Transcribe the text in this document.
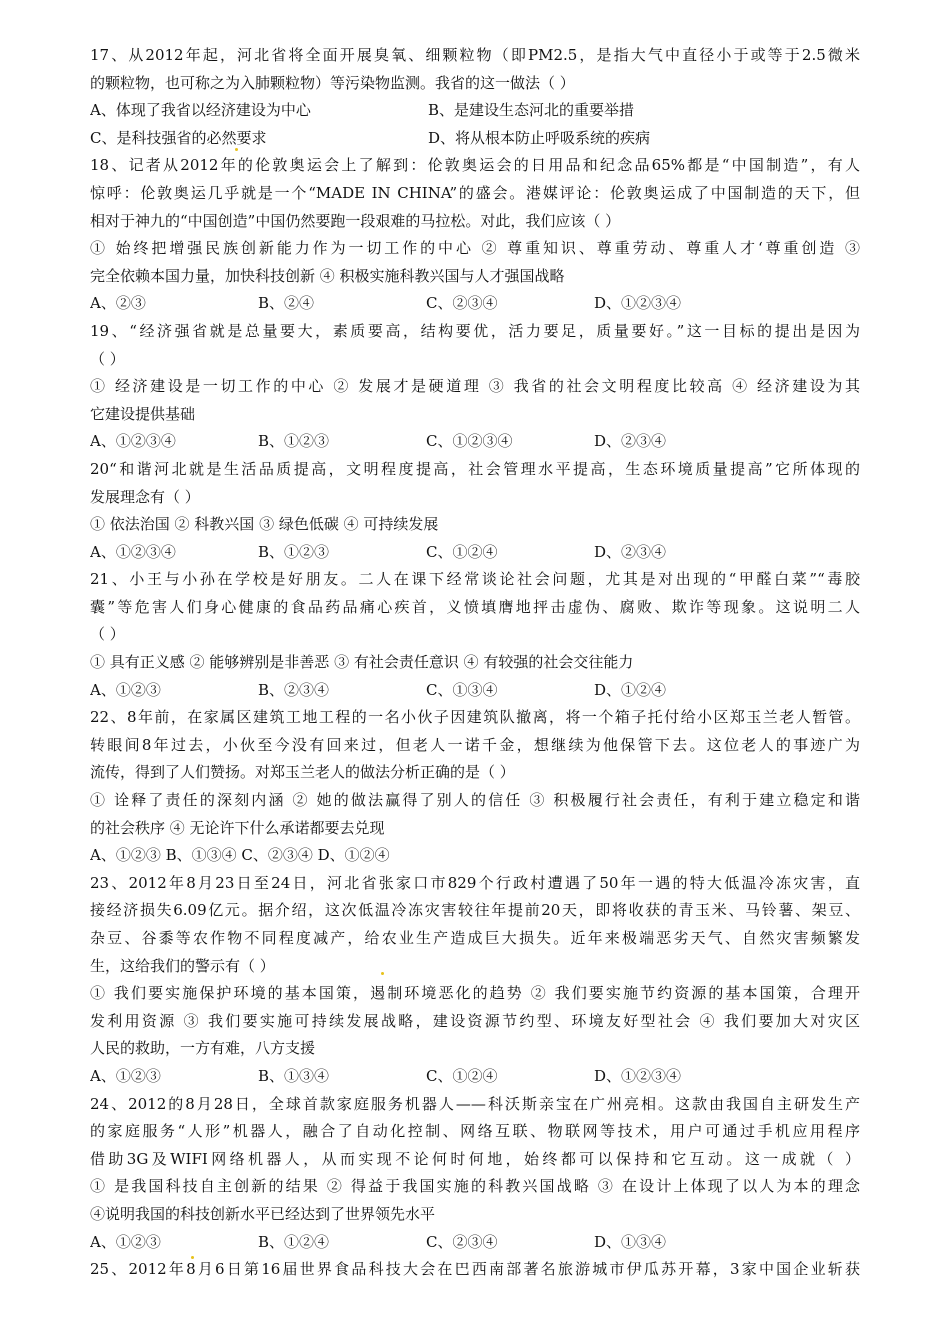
17、从2012年起，河北省将全面开展臭氧、细颗粒物（即PM2.5，是指大气中直径小于或等于2.5微米
的颗粒物，也可称之为入肺颗粒物）等污染物监测。我省的这一做法（ ）
A、体现了我省以经济建设为中心	B、是建设生态河北的重要举措
C、是科技强省的必然要求	D、将从根本防止呼吸系统的疾病
18、记者从2012年的伦敦奥运会上了解到：伦敦奥运会的日用品和纪念品65%都是“中国制造”，有人
惊呼：伦敦奥运几乎就是一个“MADE IN CHINA”的盛会。港媒评论：伦敦奥运成了中国制造的天下，但
相对于神九的“中国创造”中国仍然要跑一段艰难的马拉松。对此，我们应该（ ）
① 始终把增强民族创新能力作为一切工作的中心 ② 尊重知识、尊重劳动、尊重人才‘尊重创造 ③
完全依赖本国力量，加快科技创新 ④ 积极实施科教兴国与人才强国战略
A、②③	B、②④	C、②③④	D、①②③④
19、“经济强省就是总量要大，素质要高，结构要优，活力要足，质量要好。”这一目标的提出是因为
（ ）
① 经济建设是一切工作的中心 ② 发展才是硬道理 ③ 我省的社会文明程度比较高 ④ 经济建设为其
它建设提供基础
A、①②③④	B、①②③	C、①②③④	D、②③④
20“和谐河北就是生活品质提高，文明程度提高，社会管理水平提高，生态环境质量提高”它所体现的
发展理念有（ ）
① 依法治国 ② 科教兴国 ③ 绿色低碳 ④ 可持续发展
A、①②③④	B、①②③	C、①②④	D、②③④
21、小王与小孙在学校是好朋友。二人在课下经常谈论社会问题，尤其是对出现的“甲醛白菜”“毒胶
囊”等危害人们身心健康的食品药品痛心疾首，义愤填膺地抨击虚伪、腐败、欺诈等现象。这说明二人
（ ）
① 具有正义感 ② 能够辨别是非善恶 ③ 有社会责任意识 ④ 有较强的社会交往能力
A、①②③	B、②③④	C、①③④	D、①②④
22、8年前，在家属区建筑工地工程的一名小伙子因建筑队撤离，将一个箱子托付给小区郑玉兰老人暂管。
转眼间8年过去，小伙至今没有回来过，但老人一诺千金，想继续为他保管下去。这位老人的事迹广为
流传，得到了人们赞扬。对郑玉兰老人的做法分析正确的是（ ）
① 诠释了责任的深刻内涵 ② 她的做法赢得了别人的信任 ③ 积极履行社会责任，有利于建立稳定和谐
的社会秩序 ④ 无论许下什么承诺都要去兑现
A、①②③ B、①③④ C、②③④ D、①②④
23、2012年8月23日至24日，河北省张家口市829个行政村遭遇了50年一遇的特大低温冷冻灾害，直
接经济损失6.09亿元。据介绍，这次低温冷冻灾害较往年提前20天，即将收获的青玉米、马铃薯、架豆、
杂豆、谷黍等农作物不同程度减产，给农业生产造成巨大损失。近年来极端恶劣天气、自然灾害频繁发
生，这给我们的警示有（ ）
① 我们要实施保护环境的基本国策，遏制环境恶化的趋势 ② 我们要实施节约资源的基本国策，合理开
发利用资源 ③ 我们要实施可持续发展战略，建设资源节约型、环境友好型社会 ④ 我们要加大对灾区
人民的救助，一方有难，八方支援
A、①②③	B、①③④	C、①②④	D、①②③④
24、2012的8月28日，全球首款家庭服务机器人——科沃斯亲宝在广州亮相。这款由我国自主研发生产
的家庭服务“人形”机器人，融合了自动化控制、网络互联、物联网等技术，用户可通过手机应用程序
借助3G及WIFI网络机器人，从而实现不论何时何地，始终都可以保持和它互动。这一成就（ ）
① 是我国科技自主创新的结果 ② 得益于我国实施的科教兴国战略 ③ 在设计上体现了以人为本的理念
④说明我国的科技创新水平已经达到了世界领先水平
A、①②③	B、①②④	C、②③④	D、①③④
25、2012年8月6日第16届世界食品科技大会在巴西南部著名旅游城市伊瓜苏开幕，3家中国企业斩获
